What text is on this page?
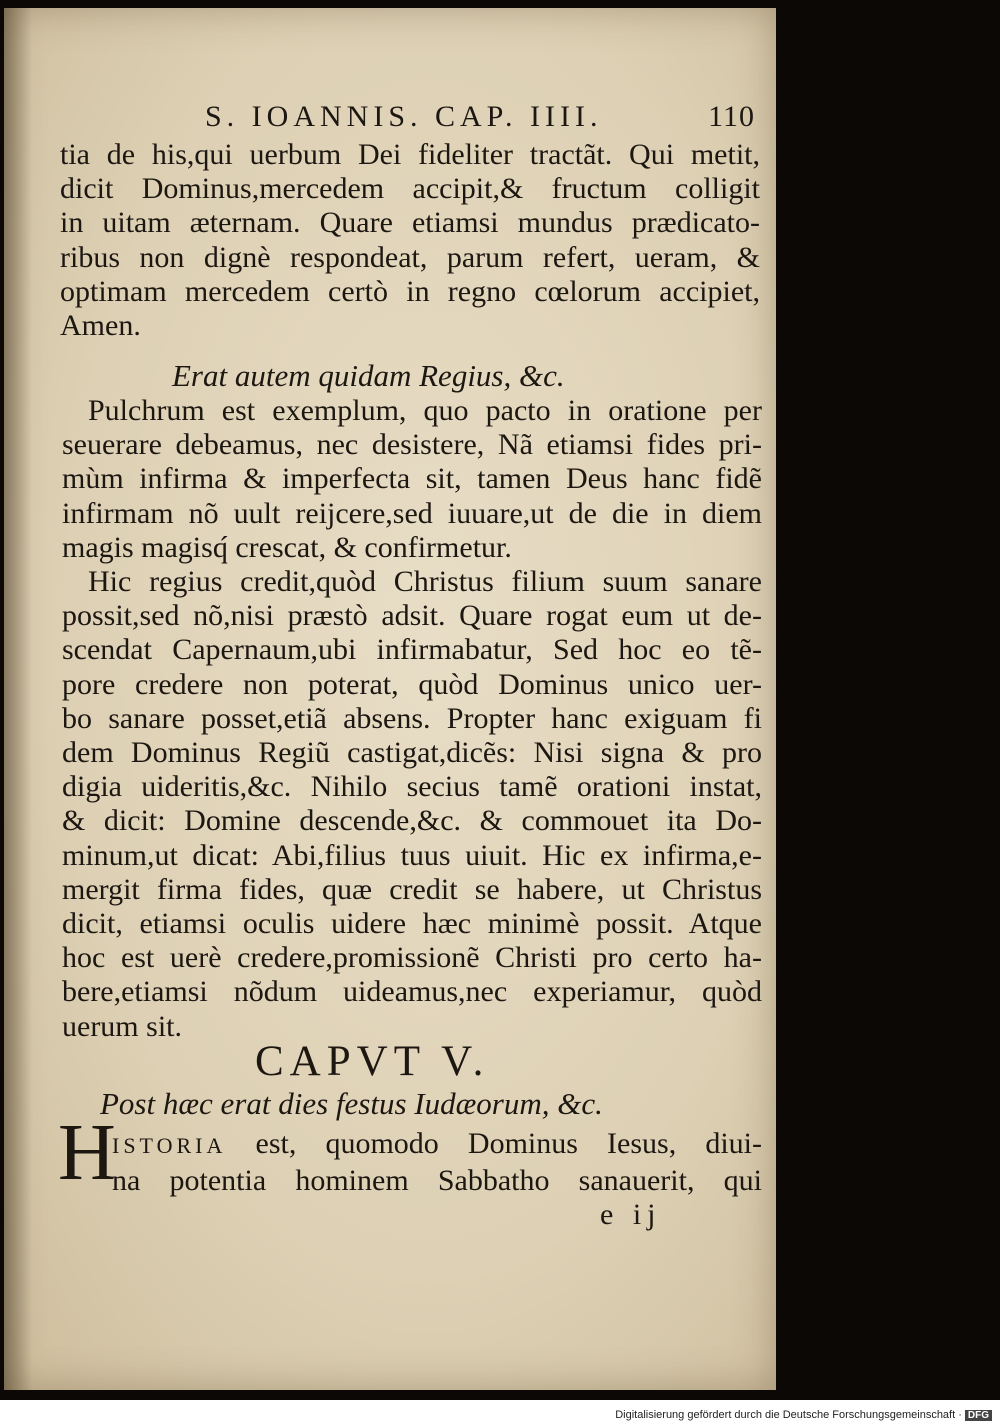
S. IOANNIS. CAP. IIII.	110
tia de his,qui uerbum Dei fideliter tractãt. Qui metit,
dicit Dominus,mercedem accipit,& fructum colligit
in uitam æternam. Quare etiamsi mundus prædicato-
ribus non dignè respondeat, parum refert, ueram, &
optimam mercedem certò in regno cœlorum accipiet,
Amen.
Erat autem quidam Regius, &c.
Pulchrum est exemplum, quo pacto in oratione per
seuerare debeamus, nec desistere, Nã etiamsi fides pri-
mùm infirma & imperfecta sit, tamen Deus hanc fidẽ
infirmam nõ uult reijcere,sed iuuare,ut de die in diem
magis magisq́ crescat, & confirmetur.
Hic regius credit,quòd Christus filium suum sanare
possit,sed nõ,nisi præstò adsit. Quare rogat eum ut de-
scendat Capernaum,ubi infirmabatur, Sed hoc eo tẽ-
pore credere non poterat, quòd Dominus unico uer-
bo sanare posset,etiã absens. Propter hanc exiguam fi
dem Dominus Regiũ castigat,dicẽs: Nisi signa & pro
digia uideritis,&c. Nihilo secius tamẽ orationi instat,
& dicit: Domine descende,&c. & commouet ita Do-
minum,ut dicat: Abi,filius tuus uiuit. Hic ex infirma,e-
mergit firma fides, quæ credit se habere, ut Christus
dicit, etiamsi oculis uidere hæc minimè possit. Atque
hoc est uerè credere,promissionẽ Christi pro certo ha-
bere,etiamsi nõdum uideamus,nec experiamur, quòd
uerum sit.
CAPVT V.
Post hæc erat dies festus Iudæorum, &c.
H
ISTORIA est, quomodo Dominus Iesus, diui-
na potentia hominem Sabbatho sanauerit, qui
e ij
Digitalisierung gefördert durch die Deutsche Forschungsgemeinschaft · DFG
